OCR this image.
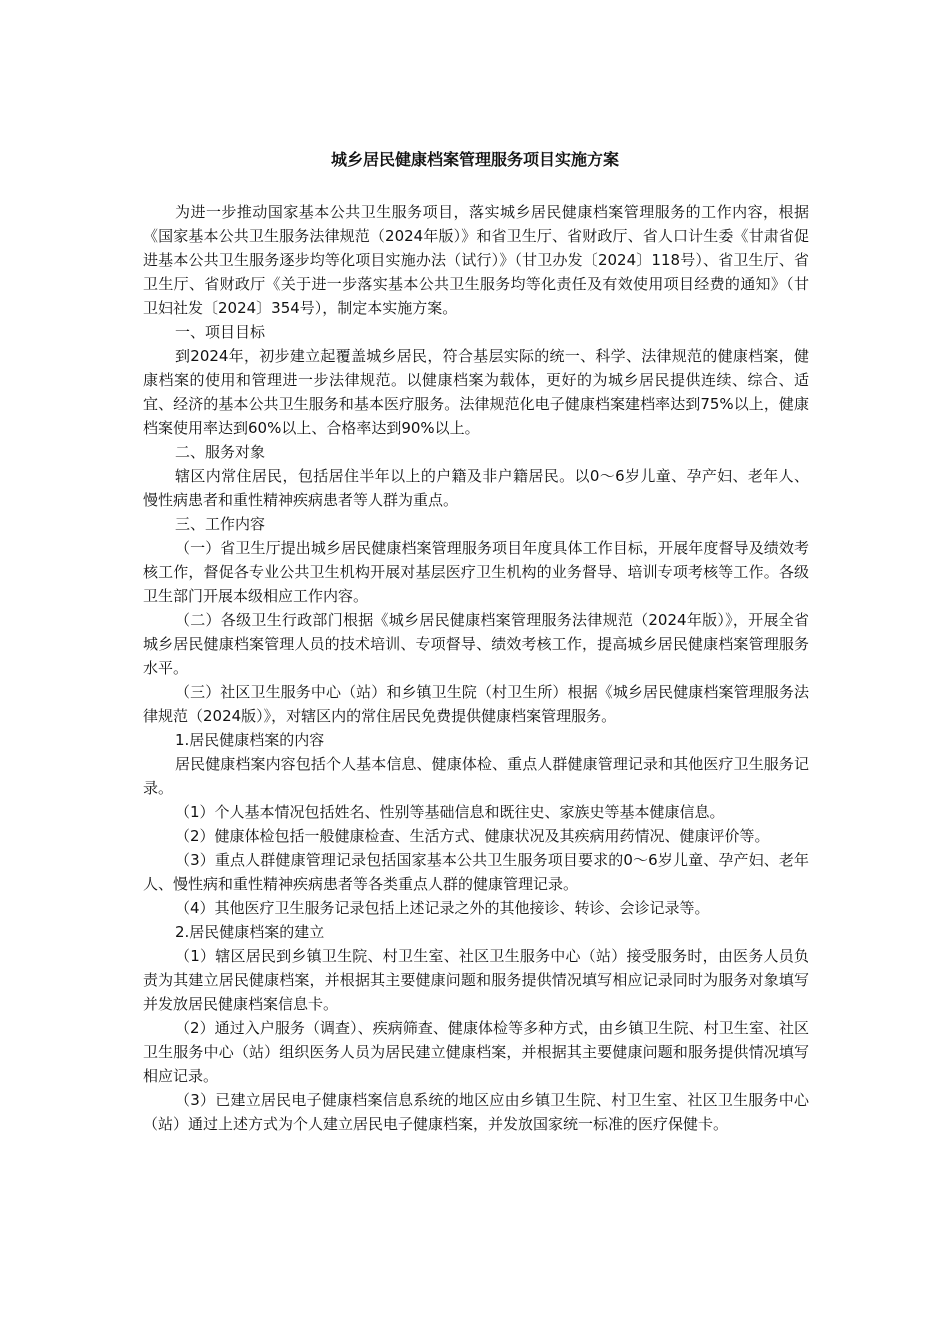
城乡居民健康档案管理服务项目实施方案

为进一步推动国家基本公共卫生服务项目，落实城乡居民健康档案管理服务的工作内容，根据《国家基本公共卫生服务法律规范（2024年版）》和省卫生厅、省财政厅、省人口计生委《甘肃省促进基本公共卫生服务逐步均等化项目实施办法（试行）》（甘卫办发〔2024〕118号）、省卫生厅、省卫生厅、省财政厅《关于进一步落实基本公共卫生服务均等化责任及有效使用项目经费的通知》（甘卫妇社发〔2024〕354号），制定本实施方案。

一、项目目标

到2024年，初步建立起覆盖城乡居民，符合基层实际的统一、科学、法律规范的健康档案，健康档案的使用和管理进一步法律规范。以健康档案为载体，更好的为城乡居民提供连续、综合、适宜、经济的基本公共卫生服务和基本医疗服务。法律规范化电子健康档案建档率达到75%以上，健康档案使用率达到60%以上、合格率达到90%以上。

二、服务对象

辖区内常住居民，包括居住半年以上的户籍及非户籍居民。以0～6岁儿童、孕产妇、老年人、慢性病患者和重性精神疾病患者等人群为重点。

三、工作内容

（一）省卫生厅提出城乡居民健康档案管理服务项目年度具体工作目标，开展年度督导及绩效考核工作，督促各专业公共卫生机构开展对基层医疗卫生机构的业务督导、培训专项考核等工作。各级卫生部门开展本级相应工作内容。

（二）各级卫生行政部门根据《城乡居民健康档案管理服务法律规范（2024年版）》，开展全省城乡居民健康档案管理人员的技术培训、专项督导、绩效考核工作，提高城乡居民健康档案管理服务水平。

（三）社区卫生服务中心（站）和乡镇卫生院（村卫生所）根据《城乡居民健康档案管理服务法律规范（2024版）》，对辖区内的常住居民免费提供健康档案管理服务。

1.居民健康档案的内容

居民健康档案内容包括个人基本信息、健康体检、重点人群健康管理记录和其他医疗卫生服务记录。

（1）个人基本情况包括姓名、性别等基础信息和既往史、家族史等基本健康信息。

（2）健康体检包括一般健康检查、生活方式、健康状况及其疾病用药情况、健康评价等。

（3）重点人群健康管理记录包括国家基本公共卫生服务项目要求的0～6岁儿童、孕产妇、老年人、慢性病和重性精神疾病患者等各类重点人群的健康管理记录。

（4）其他医疗卫生服务记录包括上述记录之外的其他接诊、转诊、会诊记录等。

2.居民健康档案的建立

（1）辖区居民到乡镇卫生院、村卫生室、社区卫生服务中心（站）接受服务时，由医务人员负责为其建立居民健康档案，并根据其主要健康问题和服务提供情况填写相应记录同时为服务对象填写并发放居民健康档案信息卡。

（2）通过入户服务（调查）、疾病筛查、健康体检等多种方式，由乡镇卫生院、村卫生室、社区卫生服务中心（站）组织医务人员为居民建立健康档案，并根据其主要健康问题和服务提供情况填写相应记录。

（3）已建立居民电子健康档案信息系统的地区应由乡镇卫生院、村卫生室、社区卫生服务中心（站）通过上述方式为个人建立居民电子健康档案，并发放国家统一标准的医疗保健卡。
